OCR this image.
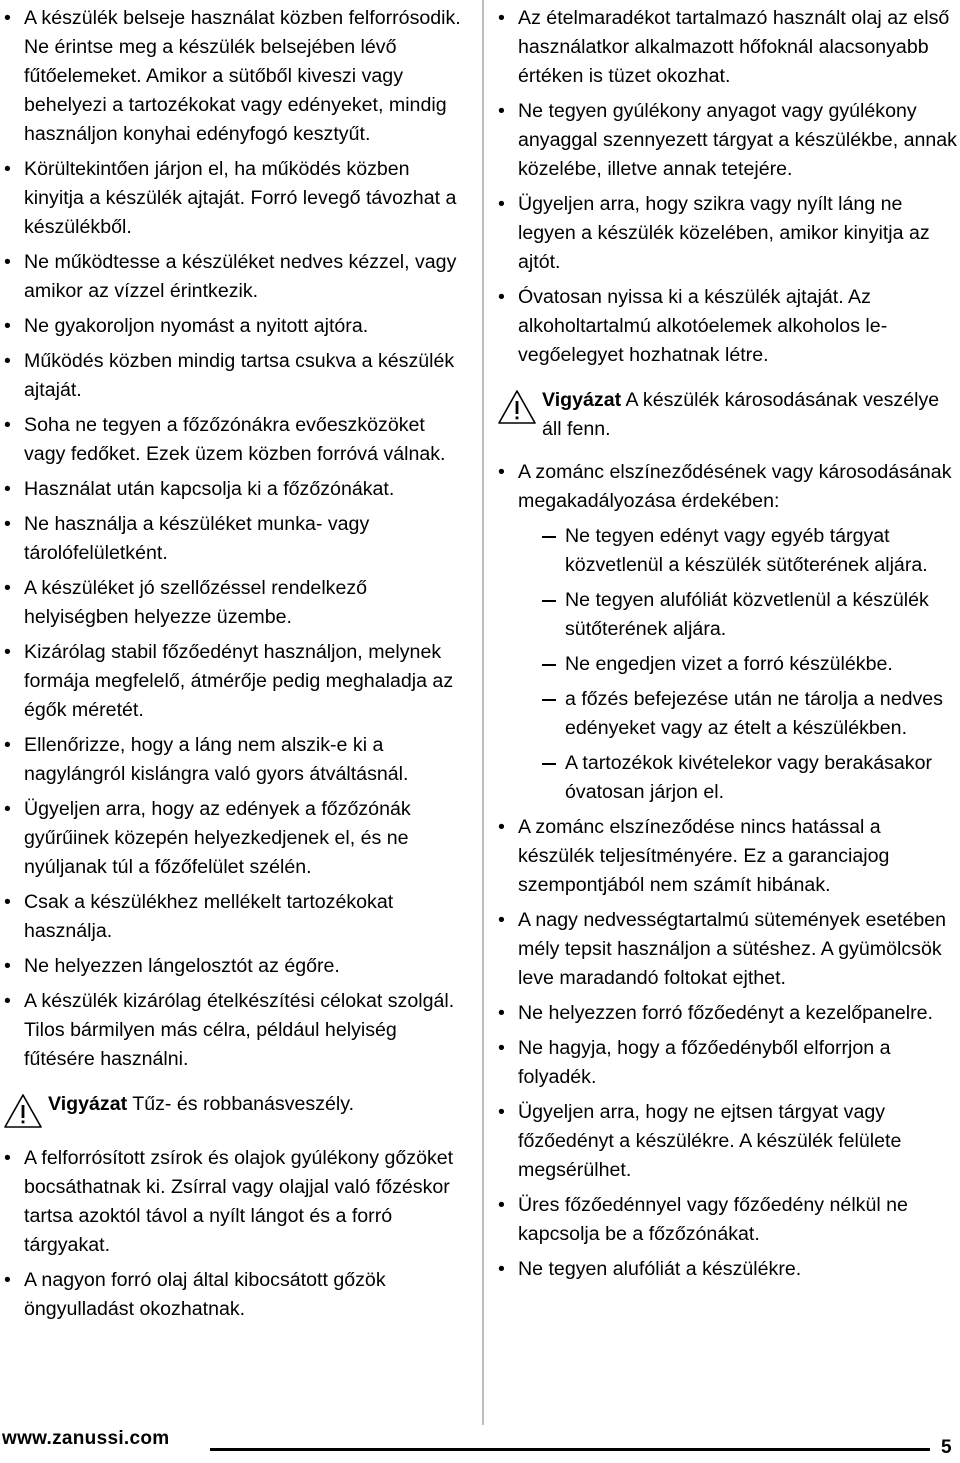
• A készülék belseje használat közben felforrósodik. Ne érintse meg a készülék belsejében lévő fűtőelemeket. Amikor a sütőből kiveszi vagy behelyezi a tartozékokat vagy edényeket, mindig használjon konyhai edényfogó kesztyűt.
• Körültekintően járjon el, ha működés közben kinyitja a készülék ajtaját. Forró levegő távozhat a készülékből.
• Ne működtesse a készüléket nedves kézzel, vagy amikor az vízzel érintkezik.
• Ne gyakoroljon nyomást a nyitott ajtóra.
• Működés közben mindig tartsa csukva a készülék ajtaját.
• Soha ne tegyen a főzőzónákra evőeszközöket vagy fedőket. Ezek üzem közben forróvá válnak.
• Használat után kapcsolja ki a főzőzónákat.
• Ne használja a készüléket munka- vagy tárolófelületként.
• A készüléket jó szellőzéssel rendelkező helyiségben helyezze üzembe.
• Kizárólag stabil főzőedényt használjon, melynek formája megfelelő, átmérője pedig meghaladja az égők méretét.
• Ellenőrizze, hogy a láng nem alszik-e ki a nagylángról kislángra való gyors átváltásnál.
• Ügyeljen arra, hogy az edények a főzőzónák gyűrűinek közepén helyezkedjenek el, és ne nyúljanak túl a főzőfelület szélén.
• Csak a készülékhez mellékelt tartozékokat használja.
• Ne helyezzen lángelosztót az égőre.
• A készülék kizárólag ételkészítési célokat szolgál. Tilos bármilyen más célra, például helyiség fűtésére használni.
Vigyázat Tűz- és robbanásveszély.
• A felforrósított zsírok és olajok gyúlékony gőzöket bocsáthatnak ki. Zsírral vagy olajjal való főzéskor tartsa azoktól távol a nyílt lángot és a forró tárgyakat.
• A nagyon forró olaj által kibocsátott gőzök öngyulladást okozhatnak.
• Az ételmaradékot tartalmazó használt olaj az első használatkor alkalmazott hőfoknál alacsonyabb értéken is tüzet okozhat.
• Ne tegyen gyúlékony anyagot vagy gyúlékony anyaggal szennyezett tárgyat a készülékbe, annak közelébe, illetve annak tetejére.
• Ügyeljen arra, hogy szikra vagy nyílt láng ne legyen a készülék közelében, amikor kinyitja az ajtót.
• Óvatosan nyissa ki a készülék ajtaját. Az alkoholtartalmú alkotóelemek alkoholos levegőelegyet hozhatnak létre.
Vigyázat A készülék károsodásának veszélye áll fenn.
• A zománc elszíneződésének vagy károsodásának megakadályozása érdekében:
Ne tegyen edényt vagy egyéb tárgyat közvetlenül a készülék sütőterének aljára.
Ne tegyen alufóliát közvetlenül a készülék sütőterének aljára.
Ne engedjen vizet a forró készülékbe.
a főzés befejezése után ne tárolja a nedves edényeket vagy az ételt a készülékben.
A tartozékok kivételekor vagy berakásakor óvatosan járjon el.
• A zománc elszíneződése nincs hatással a készülék teljesítményére. Ez a garanciajog szempontjából nem számít hibának.
• A nagy nedvességtartalmú sütemények esetében mély tepsit használjon a sütéshez. A gyümölcsök leve maradandó foltokat ejthet.
• Ne helyezzen forró főzőedényt a kezelőpanelre.
• Ne hagyja, hogy a főzőedényből elforrjon a folyadék.
• Ügyeljen arra, hogy ne ejtsen tárgyat vagy főzőedényt a készülékre. A készülék felülete megsérülhet.
• Üres főzőedénnyel vagy főzőedény nélkül ne kapcsolja be a főzőzónákat.
• Ne tegyen alufóliát a készülékre.
www.zanussi.com	5
